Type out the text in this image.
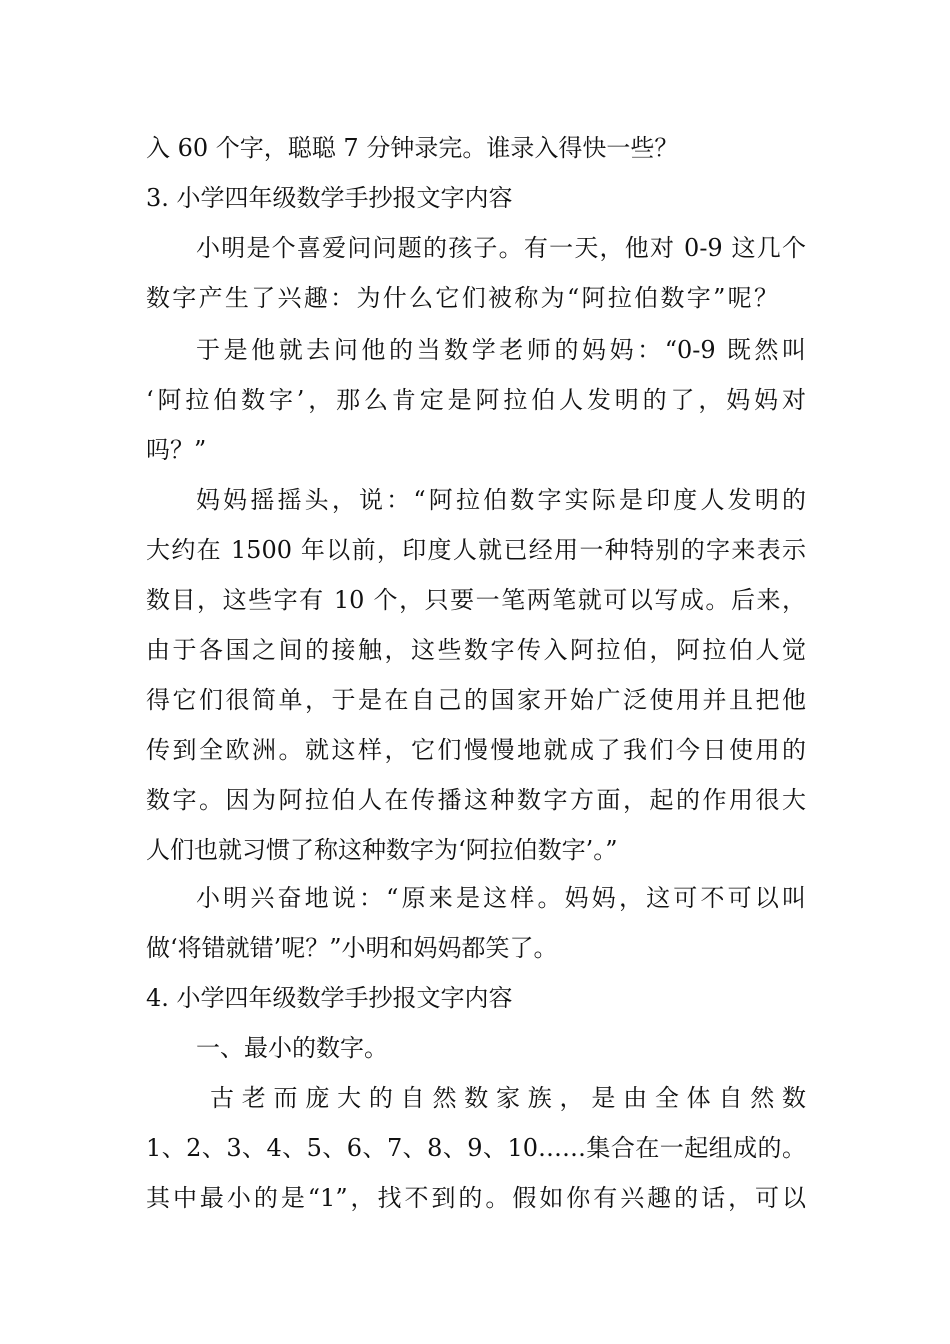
入 60 个字，聪聪 7 分钟录完。谁录入得快一些？
3. 小学四年级数学手抄报文字内容
小明是个喜爱问问题的孩子。有一天，他对 0-9 这几个
数字产生了兴趣：为什么它们被称为“阿拉伯数字”呢？
于是他就去问他的当数学老师的妈妈：“0-9 既然叫
‘阿拉伯数字’，那么肯定是阿拉伯人发明的了，妈妈对
吗？”
妈妈摇摇头，说：“阿拉伯数字实际是印度人发明的
大约在 1500 年以前，印度人就已经用一种特别的字来表示
数目，这些字有 10 个，只要一笔两笔就可以写成。后来，
由于各国之间的接触，这些数字传入阿拉伯，阿拉伯人觉
得它们很简单，于是在自己的国家开始广泛使用并且把他
传到全欧洲。就这样，它们慢慢地就成了我们今日使用的
数字。因为阿拉伯人在传播这种数字方面，起的作用很大
人们也就习惯了称这种数字为‘阿拉伯数字’。”
小明兴奋地说：“原来是这样。妈妈，这可不可以叫
做‘将错就错’呢？”小明和妈妈都笑了。
4. 小学四年级数学手抄报文字内容
一、最小的数字。
古老而庞大的自然数家族，是由全体自然数
1、2、3、4、5、6、7、8、9、10……集合在一起组成的。
其中最小的是“1”，找不到的。假如你有兴趣的话，可以
